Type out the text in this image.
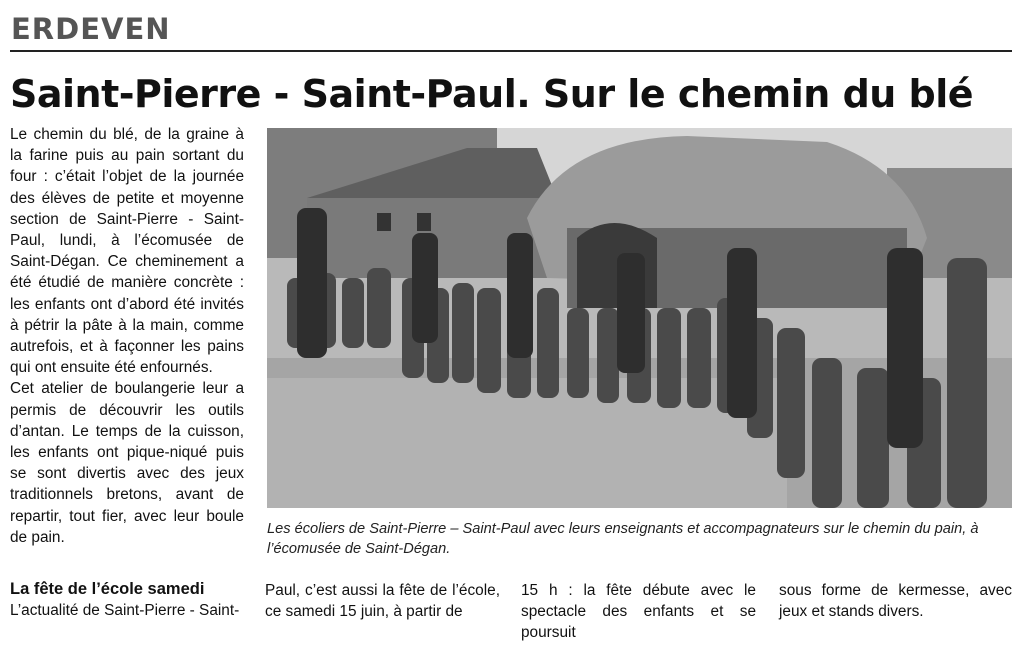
ERDEVEN
Saint-Pierre - Saint-Paul. Sur le chemin du blé

Le chemin du blé, de la graine à la farine puis au pain sortant du four : c’était l’objet de la journée des élèves de petite et moyenne section de Saint-Pierre - Saint-Paul, lundi, à l’écomusée de Saint-Dégan. Ce cheminement a été étudié de manière concrète : les enfants ont d’abord été invités à pétrir la pâte à la main, comme autrefois, et à façonner les pains qui ont ensuite été enfournés.

Cet atelier de boulangerie leur a permis de découvrir les outils d’antan. Le temps de la cuisson, les enfants ont pique-niqué puis se sont divertis avec des jeux traditionnels bretons, avant de repartir, tout fier, avec leur boule de pain.	Les écoliers de Saint-Pierre – Saint-Paul avec leurs enseignants et accompagnateurs sur le chemin du pain, à l’écomusée de Saint-Dégan.
La fête de l’école samedi
L’actualité de Saint-Pierre - Saint-
Paul, c’est aussi la fête de l’école, ce samedi 15 juin, à partir de
15 h : la fête débute avec le spectacle des enfants et se poursuit
sous forme de kermesse, avec jeux et stands divers.
